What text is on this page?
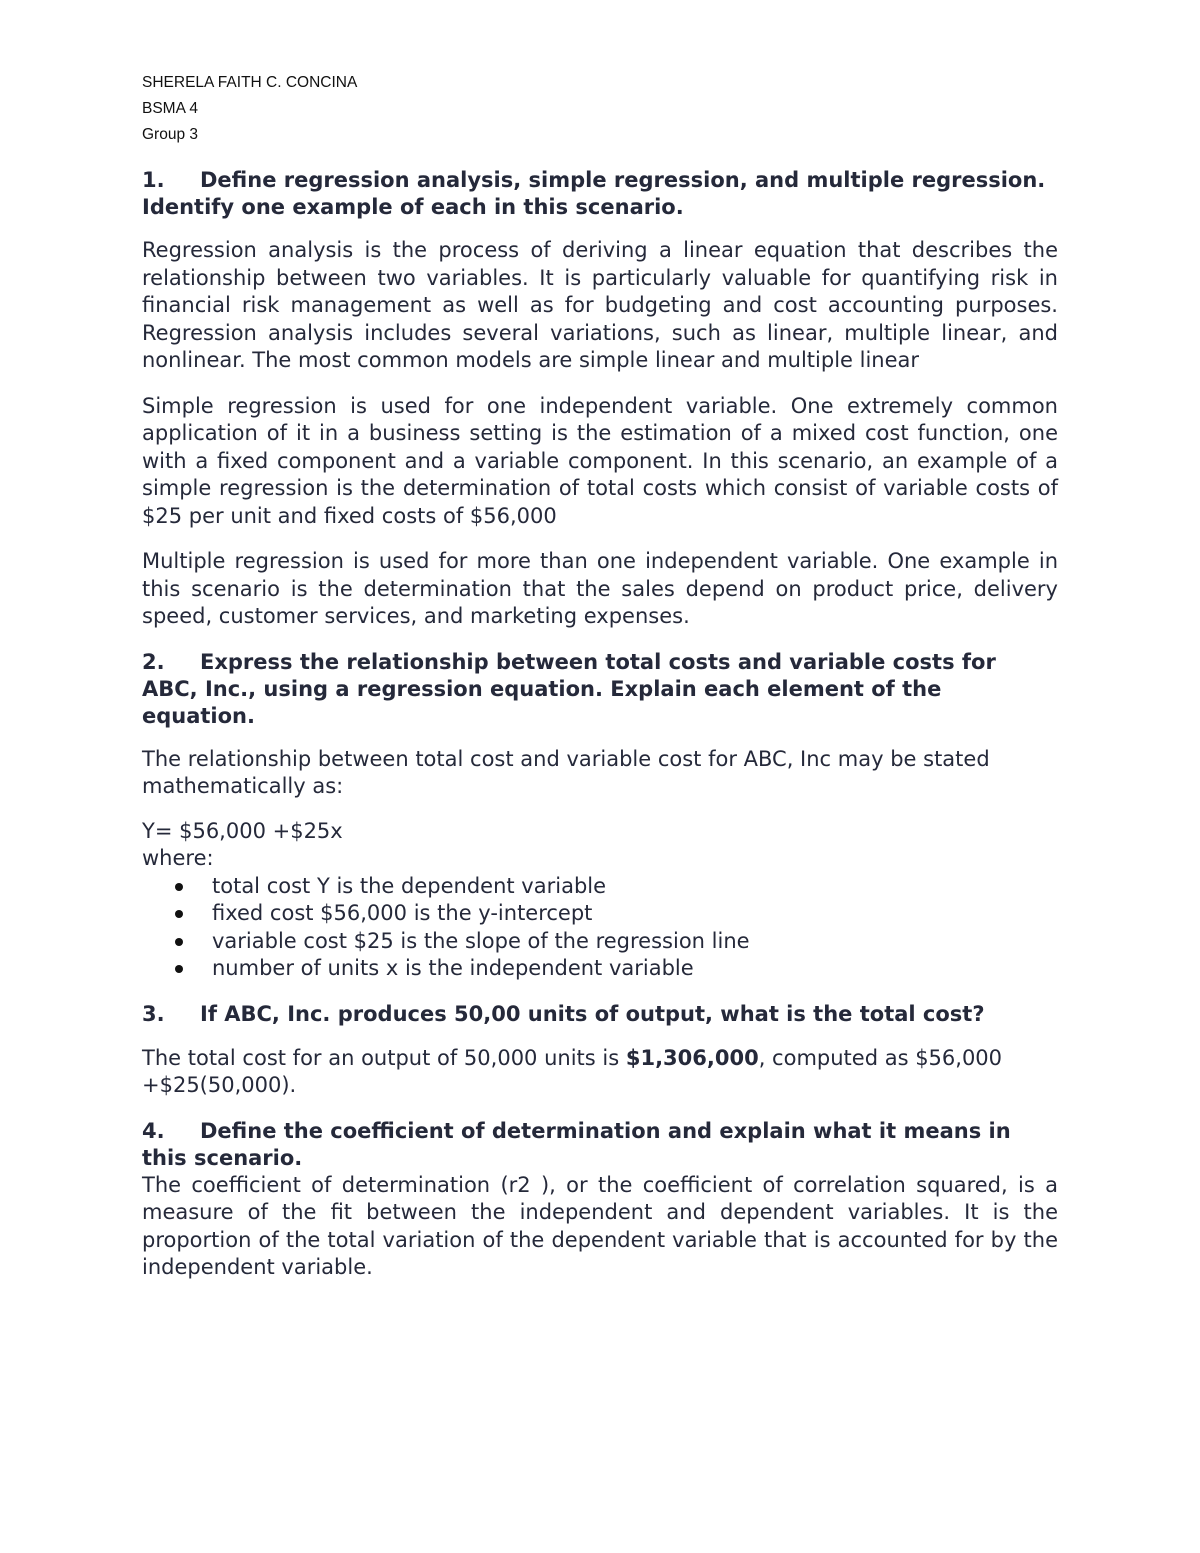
SHERELA FAITH C. CONCINA

BSMA 4

Group 3

1. Define regression analysis, simple regression, and multiple regression. Identify one example of each in this scenario.

Regression analysis is the process of deriving a linear equation that describes the relationship between two variables. It is particularly valuable for quantifying risk in financial risk management as well as for budgeting and cost accounting purposes. Regression analysis includes several variations, such as linear, multiple linear, and nonlinear. The most common models are simple linear and multiple linear

Simple regression is used for one independent variable. One extremely common application of it in a business setting is the estimation of a mixed cost function, one with a fixed component and a variable component. In this scenario, an example of a simple regression is the determination of total costs which consist of variable costs of $25 per unit and fixed costs of $56,000

Multiple regression is used for more than one independent variable. One example in this scenario is the determination that the sales depend on product price, delivery speed, customer services, and marketing expenses.

2. Express the relationship between total costs and variable costs for ABC, Inc., using a regression equation. Explain each element of the equation.

The relationship between total cost and variable cost for ABC, Inc may be stated mathematically as:

Y= $56,000 +$25x

where:

total cost Y is the dependent variable
fixed cost $56,000 is the y-intercept
variable cost $25 is the slope of the regression line
number of units x is the independent variable

3. If ABC, Inc. produces 50,00 units of output, what is the total cost?

The total cost for an output of 50,000 units is $1,306,000, computed as $56,000 +$25(50,000).

4. Define the coefficient of determination and explain what it means in this scenario.

The coefficient of determination (r2 ), or the coefficient of correlation squared, is a measure of the fit between the independent and dependent variables. It is the proportion of the total variation of the dependent variable that is accounted for by the independent variable.
